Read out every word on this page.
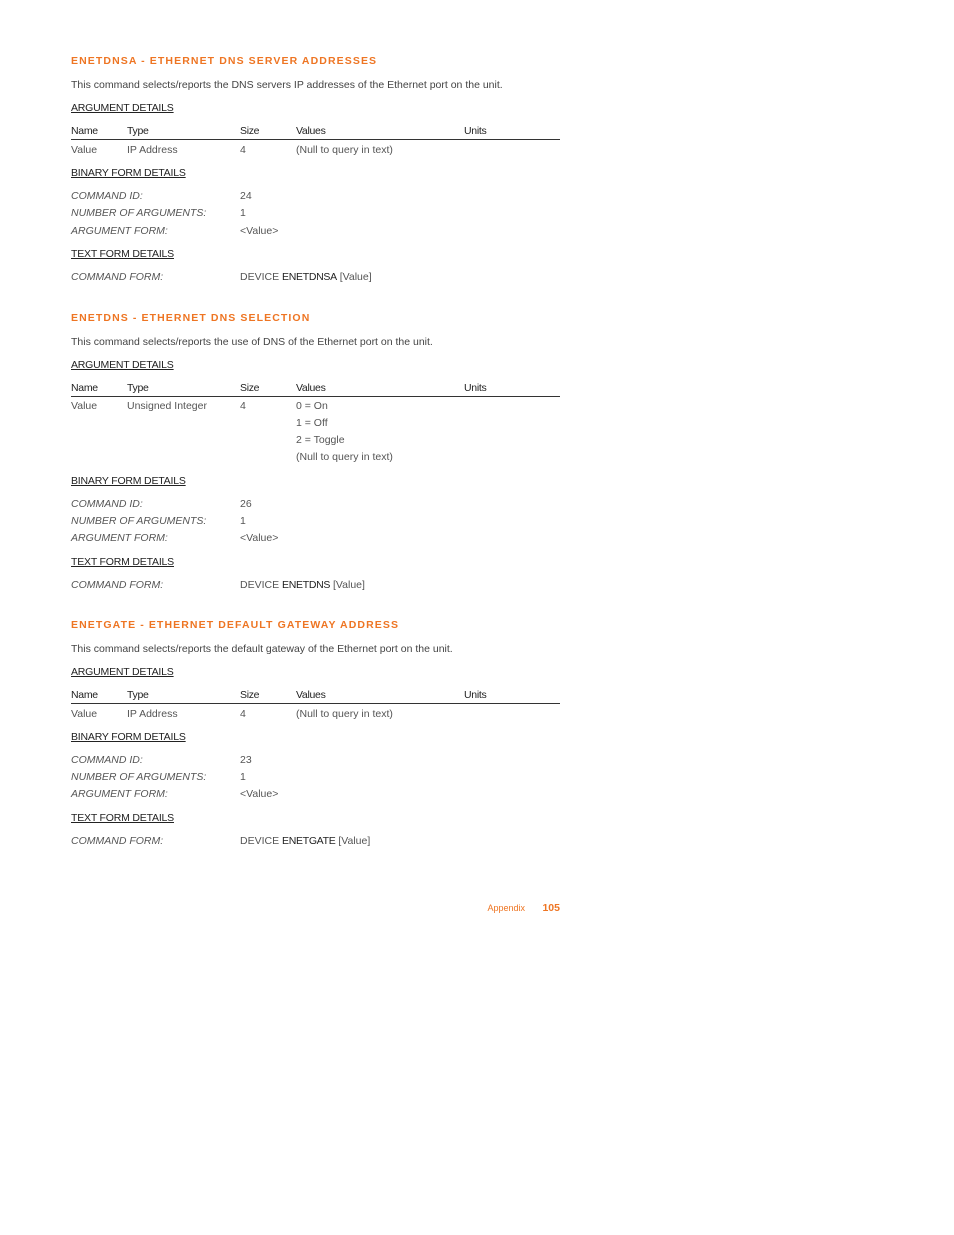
ENETDNSA - ETHERNET DNS SERVER ADDRESSES
This command selects/reports the DNS servers IP addresses of the Ethernet port on the unit.
ARGUMENT DETAILS
Name	Type	Size	Values	Units
Value	IP Address	4	(Null to query in text)
BINARY FORM DETAILS
COMMAND ID:	24
NUMBER OF ARGUMENTS:	1
ARGUMENT FORM:	<Value>
TEXT FORM DETAILS
COMMAND FORM:	DEVICE ENETDNSA [Value]
ENETDNS - ETHERNET DNS SELECTION
This command selects/reports the use of DNS of the Ethernet port on the unit.
ARGUMENT DETAILS
Name	Type	Size	Values	Units
Value	Unsigned Integer	4	0 = On
1 = Off
2 = Toggle
(Null to query in text)
BINARY FORM DETAILS
COMMAND ID:	26
NUMBER OF ARGUMENTS:	1
ARGUMENT FORM:	<Value>
TEXT FORM DETAILS
COMMAND FORM:	DEVICE ENETDNS [Value]
ENETGATE - ETHERNET DEFAULT GATEWAY ADDRESS
This command selects/reports the default gateway of the Ethernet port on the unit.
ARGUMENT DETAILS
Name	Type	Size	Values	Units
Value	IP Address	4	(Null to query in text)
BINARY FORM DETAILS
COMMAND ID:	23
NUMBER OF ARGUMENTS:	1
ARGUMENT FORM:	<Value>
TEXT FORM DETAILS
COMMAND FORM:	DEVICE ENETGATE [Value]
Appendix 105
